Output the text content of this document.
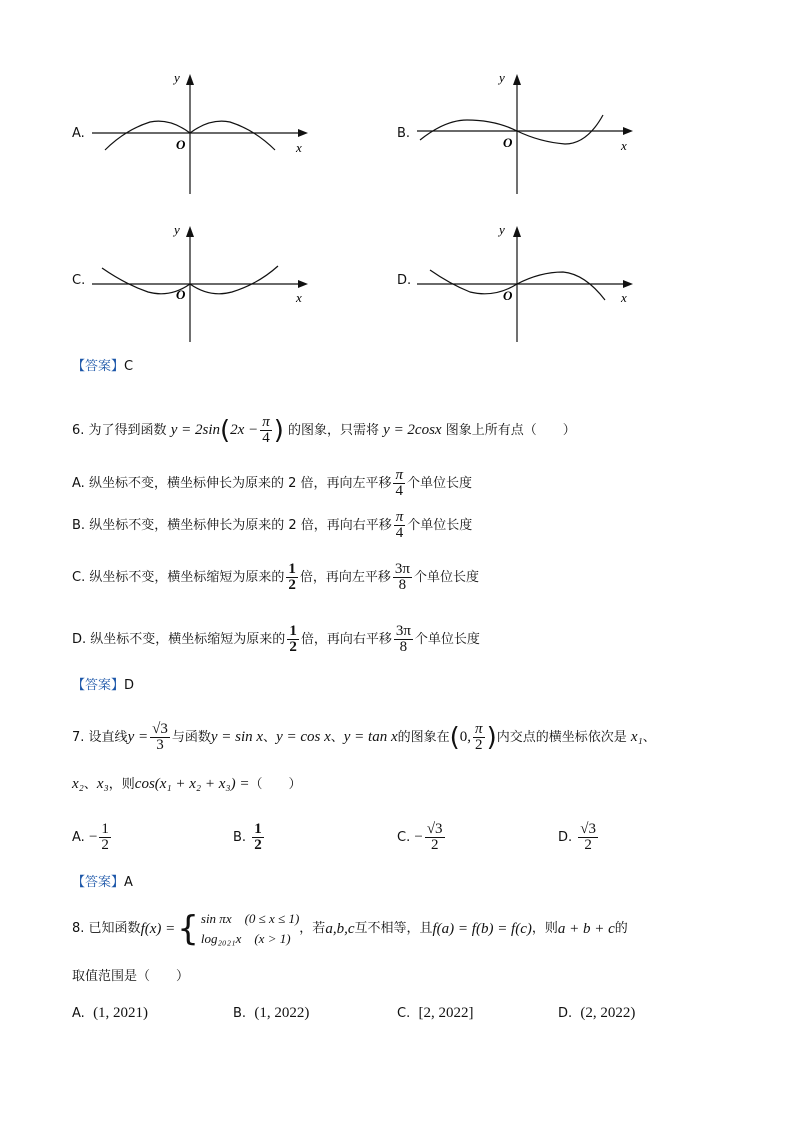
A.
y
O	x
B.
y
O	x
C.
y
O	x
D.
y
O	x
【答案】C
6. 为了得到函数 $y = 2\sin(2x - \frac{\pi}{4}$ ) 的图象，只需将 y = 2cosx 图象上所有点（　　）
A. 纵坐标不变，横坐标伸长为原来的 2 倍，再向左平移 $\frac{\pi}{4}$ 个单位长度
B. 纵坐标不变，横坐标伸长为原来的 2 倍，再向右平移 $\frac{\pi}{4}$ 个单位长度
C. 纵坐标不变，横坐标缩短为原来的 $\frac{1}{2}$ 倍，再向左平移 $\frac{3\pi}{8}$ 个单位长度
D. 纵坐标不变，横坐标缩短为原来的 $\frac{1}{2}$ 倍，再向右平移 $\frac{3\pi}{8}$ 个单位长度
【答案】D
7. 设直线$y = \frac{√3}{3}$ 与函数y = sin x、y = cos x、y = tan x的图象在(0, $\frac{\pi}{2}$ )内交点的横坐标依次是 x₁、
x₂、x₃，则cos(x₁ + x₂ + x₃) =（　　）
A. − $\frac{1}{2}$	B. $\frac{1}{2}$	C. − $\frac{√3}{2}$	D. $\frac{√3}{2}$
【答案】A
8.
已知函数 f(x) = { sin πx　(0 ≤ x ≤ 1)
log₂₀₂₁x　(x > 1)
，若 a,b,c 互不相等，且 f(a) = f(b) = f(c) ，则 a + b + c 的
取值范围是（　　）
A. (1, 2021)	B. (1, 2022)	C. [2, 2022]	D. (2, 2022)
